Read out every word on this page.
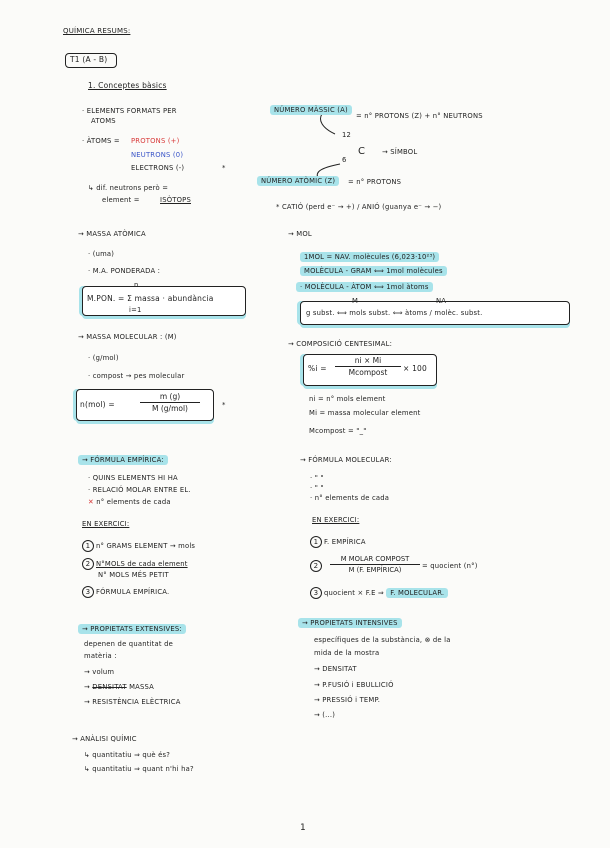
QUÍMICA RESUMS:
T1 (A - B)
1. Conceptes bàsics
· ELEMENTS FORMATS PER
ATOMS
· ÀTOMS = PROTONS (+)
NEUTRONS (0)
ELECTRONS (-)	*
↳ dif. neutrons però =
element =	ISÒTOPS
→ MASSA ATÒMICA
· (uma)
· M.A. PONDERADA :
n
M.PON. = Σ massa · abundància
i=1
→ MASSA MOLECULAR : (M)
· (g/mol)
· compost → pes molecular
n(mol) =
m (g)
M (g/mol)	*
→ FÓRMULA EMPÍRICA:
· QUINS ELEMENTS HI HA
· RELACIÓ MOLAR ENTRE EL.
✕ n° elements de cada
EN EXERCICI:
1 n° GRAMS ELEMENT → mols
2 N°MOLS de cada element
N° MOLS MÉS PETIT
3 FÓRMULA EMPÍRICA.
→ PROPIETATS EXTENSIVES:
depenen de quantitat de
matèria :
→ volum
→ DENSITAT MASSA
→ RESISTÈNCIA ELÈCTRICA
→ ANÀLISI QUÍMIC
↳ quantitatiu ⇒ què és?
↳ quantitatiu ⇒ quant n'hi ha?
NÚMERO MÀSSIC (A)
= n° PROTONS (Z) + n° NEUTRONS
12
C → SÍMBOL
6
NÚMERO ATÒMIC (Z)	= n° PROTONS
* CATIÓ (perd e⁻ → +) / ANIÓ (guanya e⁻ → −)
→ MOL
1MOL = NAV. molècules (6,023·10²³)
MOLÈCULA - GRAM ⟺ 1mol molècules
· MOLÈCULA - ÀTOM ⟺ 1mol àtoms
M	NA
g subst. ⟺ mols subst. ⟺ àtoms / molèc. subst.
→ COMPOSICIÓ CENTESIMAL:
%i =
ni × Mi
Mcompost	× 100
ni = n° mols element
Mi = massa molecular element
Mcompost = "_"
→ FÓRMULA MOLECULAR:
· " "
· " "
· n° elements de cada
EN EXERCICI:
1 F. EMPÍRICA
2
M MOLAR COMPOST
M (F. EMPÍRICA)	= quocient (n°)
3 quocient × F.E ⇒ F. MOLECULAR.
→ PROPIETATS INTENSIVES
específiques de la substància, ⊗ de la
mida de la mostra
→ DENSITAT
→ P.FUSIÓ i EBULLICIÓ
→ PRESSIÓ i TEMP.
→ (...)
1
